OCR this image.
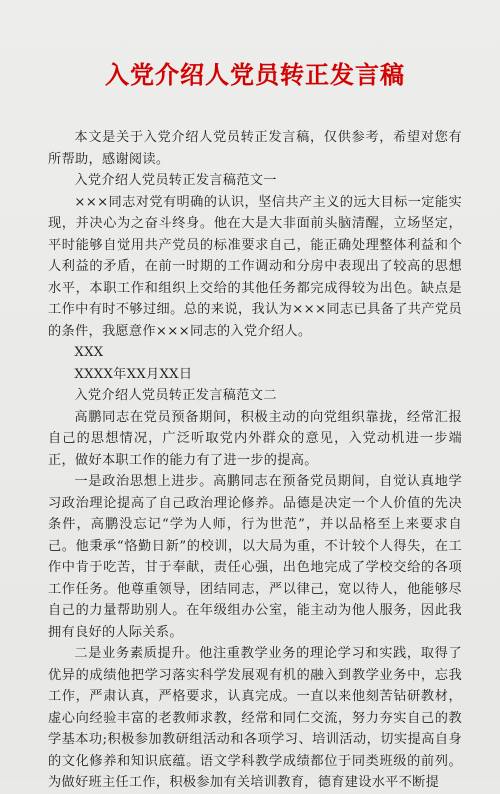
入党介绍人党员转正发言稿

本文是关于入党介绍人党员转正发言稿，仅供参考，希望对您有所帮助，感谢阅读。

入党介绍人党员转正发言稿范文一

×××同志对党有明确的认识，坚信共产主义的远大目标一定能实现，并决心为之奋斗终身。他在大是大非面前头脑清醒，立场坚定，平时能够自觉用共产党员的标准要求自己，能正确处理整体利益和个人利益的矛盾，在前一时期的工作调动和分房中表现出了较高的思想水平，本职工作和组织上交给的其他任务都完成得较为出色。缺点是工作中有时不够过细。总的来说，我认为×××同志已具备了共产党员的条件，我愿意作×××同志的入党介绍人。

XXX

XXXX年XX月XX日

入党介绍人党员转正发言稿范文二

高鹏同志在党员预备期间，积极主动的向党组织靠拢，经常汇报自己的思想情况，广泛听取党内外群众的意见，入党动机进一步端正，做好本职工作的能力有了进一步的提高。

一是政治思想上进步。高鹏同志在预备党员期间，自觉认真地学习政治理论提高了自己政治理论修养。品德是决定一个人价值的先决条件，高鹏没忘记“学为人师，行为世范”，并以品格至上来要求自己。他秉承“恪勤日新”的校训，以大局为重，不计较个人得失，在工作中肯于吃苦，甘于奉献，责任心强，出色地完成了学校交给的各项工作任务。他尊重领导，团结同志，严以律己，宽以待人，他能够尽自己的力量帮助别人。在年级组办公室，能主动为他人服务，因此我拥有良好的人际关系。

二是业务素质提升。他注重教学业务的理论学习和实践，取得了优异的成绩他把学习落实科学发展观有机的融入到教学业务中，忘我工作，严肃认真，严格要求，认真完成。一直以来他刻苦钻研教材，虚心向经验丰富的老教师求教，经常和同仁交流，努力夯实自己的教学基本功;积极参加教研组活动和各项学习、培训活动，切实提高自身的文化修养和知识底蕴。语文学科教学成绩都位于同类班级的前列。为做好班主任工作，积极参加有关培训教育，德育建设水平不断提
